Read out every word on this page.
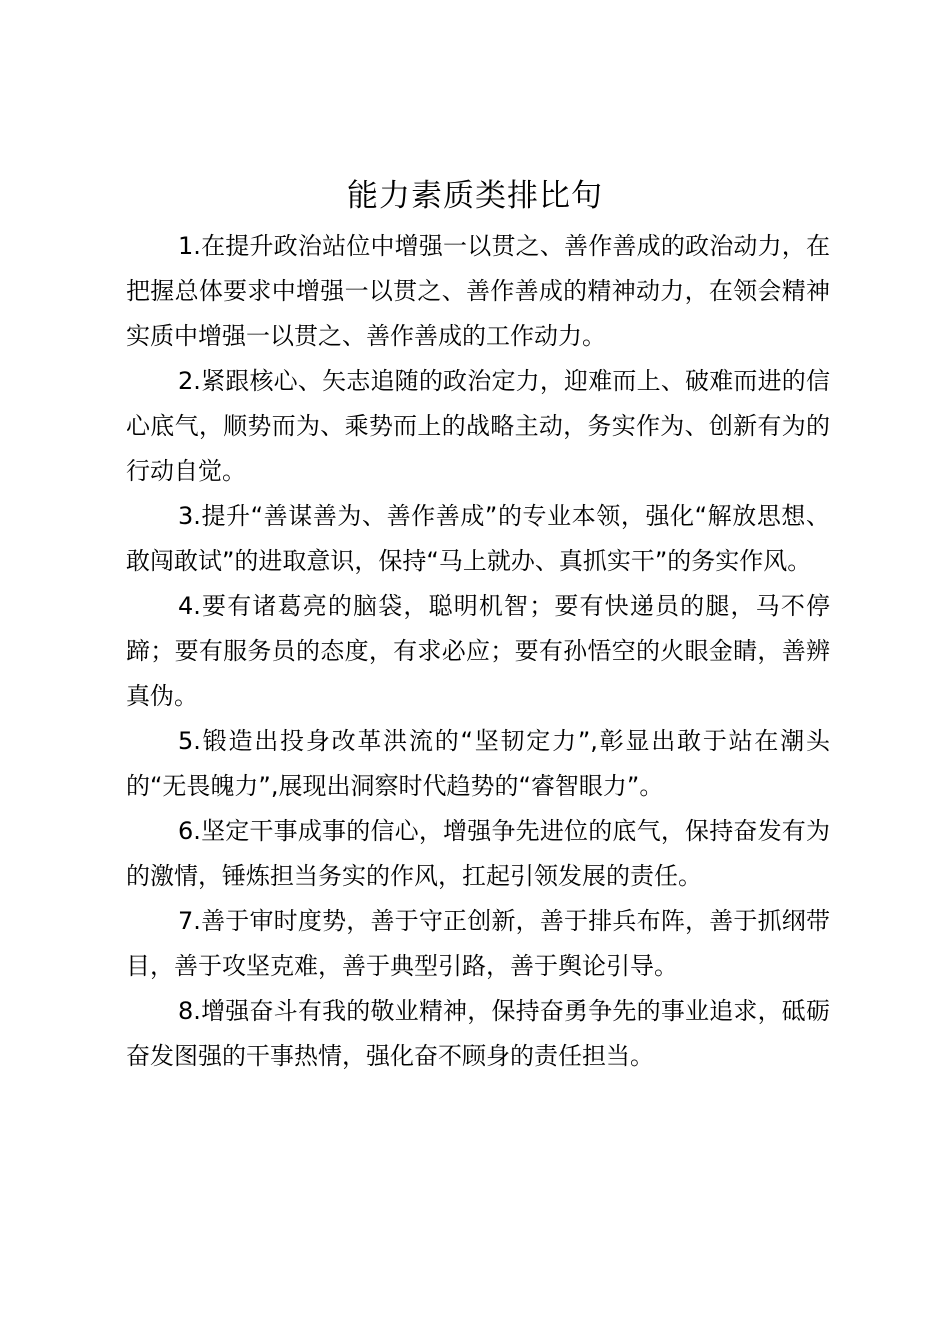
能力素质类排比句

1.在提升政治站位中增强一以贯之、善作善成的政治动力，在把握总体要求中增强一以贯之、善作善成的精神动力，在领会精神实质中增强一以贯之、善作善成的工作动力。

2.紧跟核心、矢志追随的政治定力，迎难而上、破难而进的信心底气，顺势而为、乘势而上的战略主动，务实作为、创新有为的行动自觉。

3.提升“善谋善为、善作善成”的专业本领，强化“解放思想、敢闯敢试”的进取意识，保持“马上就办、真抓实干”的务实作风。

4.要有诸葛亮的脑袋，聪明机智；要有快递员的腿，马不停蹄；要有服务员的态度，有求必应；要有孙悟空的火眼金睛，善辨真伪。

5.锻造出投身改革洪流的“坚韧定力”,彰显出敢于站在潮头的“无畏魄力”,展现出洞察时代趋势的“睿智眼力”。

6.坚定干事成事的信心，增强争先进位的底气，保持奋发有为的激情，锤炼担当务实的作风，扛起引领发展的责任。

7.善于审时度势，善于守正创新，善于排兵布阵，善于抓纲带目，善于攻坚克难，善于典型引路，善于舆论引导。

8.增强奋斗有我的敬业精神，保持奋勇争先的事业追求，砥砺奋发图强的干事热情，强化奋不顾身的责任担当。
